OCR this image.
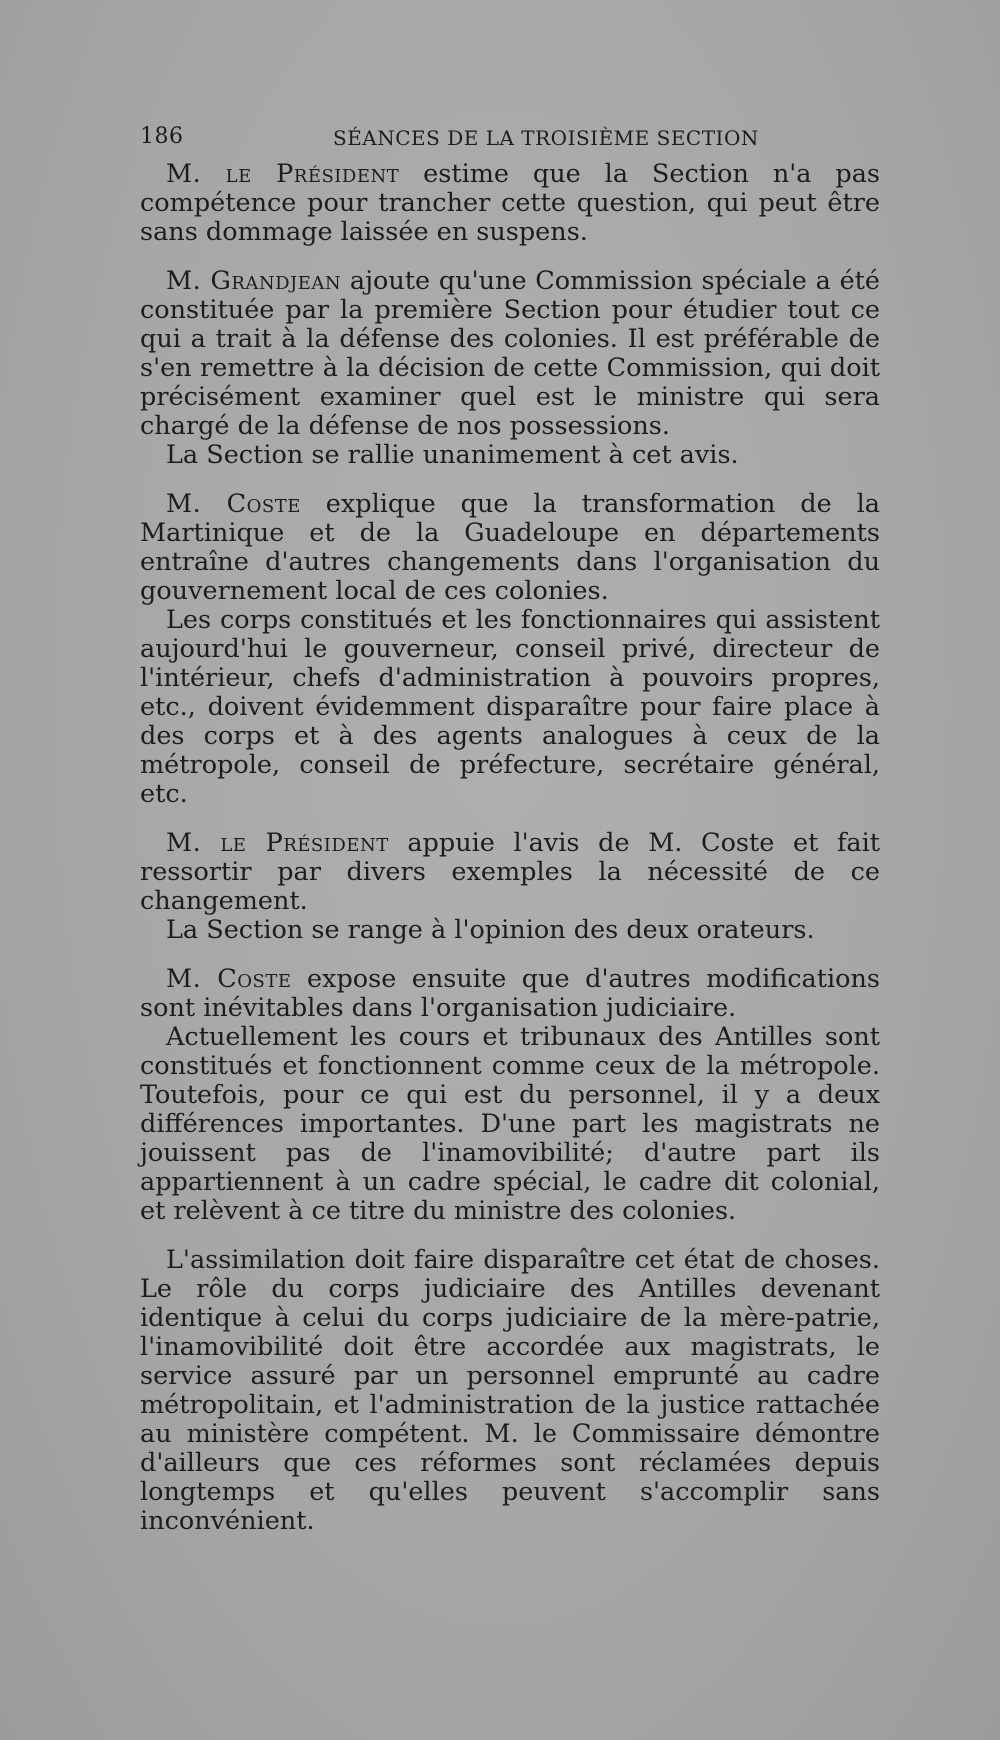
186	SÉANCES DE LA TROISIÈME SECTION

M. le Président estime que la Section n'a pas compétence pour trancher cette question, qui peut être sans dommage laissée en suspens.

M. Grandjean ajoute qu'une Commission spéciale a été constituée par la première Section pour étudier tout ce qui a trait à la défense des colonies. Il est préférable de s'en remettre à la décision de cette Commission, qui doit précisément examiner quel est le ministre qui sera chargé de la défense de nos possessions.

La Section se rallie unanimement à cet avis.

M. Coste explique que la transformation de la Martinique et de la Guadeloupe en départements entraîne d'autres changements dans l'organisation du gouvernement local de ces colonies.

Les corps constitués et les fonctionnaires qui assistent aujourd'hui le gouverneur, conseil privé, directeur de l'intérieur, chefs d'administration à pouvoirs propres, etc., doivent évidemment disparaître pour faire place à des corps et à des agents analogues à ceux de la métropole, conseil de préfecture, secrétaire général, etc.

M. le Président appuie l'avis de M. Coste et fait ressortir par divers exemples la nécessité de ce changement.

La Section se range à l'opinion des deux orateurs.

M. Coste expose ensuite que d'autres modifications sont inévitables dans l'organisation judiciaire.

Actuellement les cours et tribunaux des Antilles sont constitués et fonctionnent comme ceux de la métropole. Toutefois, pour ce qui est du personnel, il y a deux différences importantes. D'une part les magistrats ne jouissent pas de l'inamovibilité; d'autre part ils appartiennent à un cadre spécial, le cadre dit colonial, et relèvent à ce titre du ministre des colonies.

L'assimilation doit faire disparaître cet état de choses. Le rôle du corps judiciaire des Antilles devenant identique à celui du corps judiciaire de la mère-patrie, l'inamovibilité doit être accordée aux magistrats, le service assuré par un personnel emprunté au cadre métropolitain, et l'administration de la justice rattachée au ministère compétent. M. le Commissaire démontre d'ailleurs que ces réformes sont réclamées depuis longtemps et qu'elles peuvent s'accomplir sans inconvénient.
